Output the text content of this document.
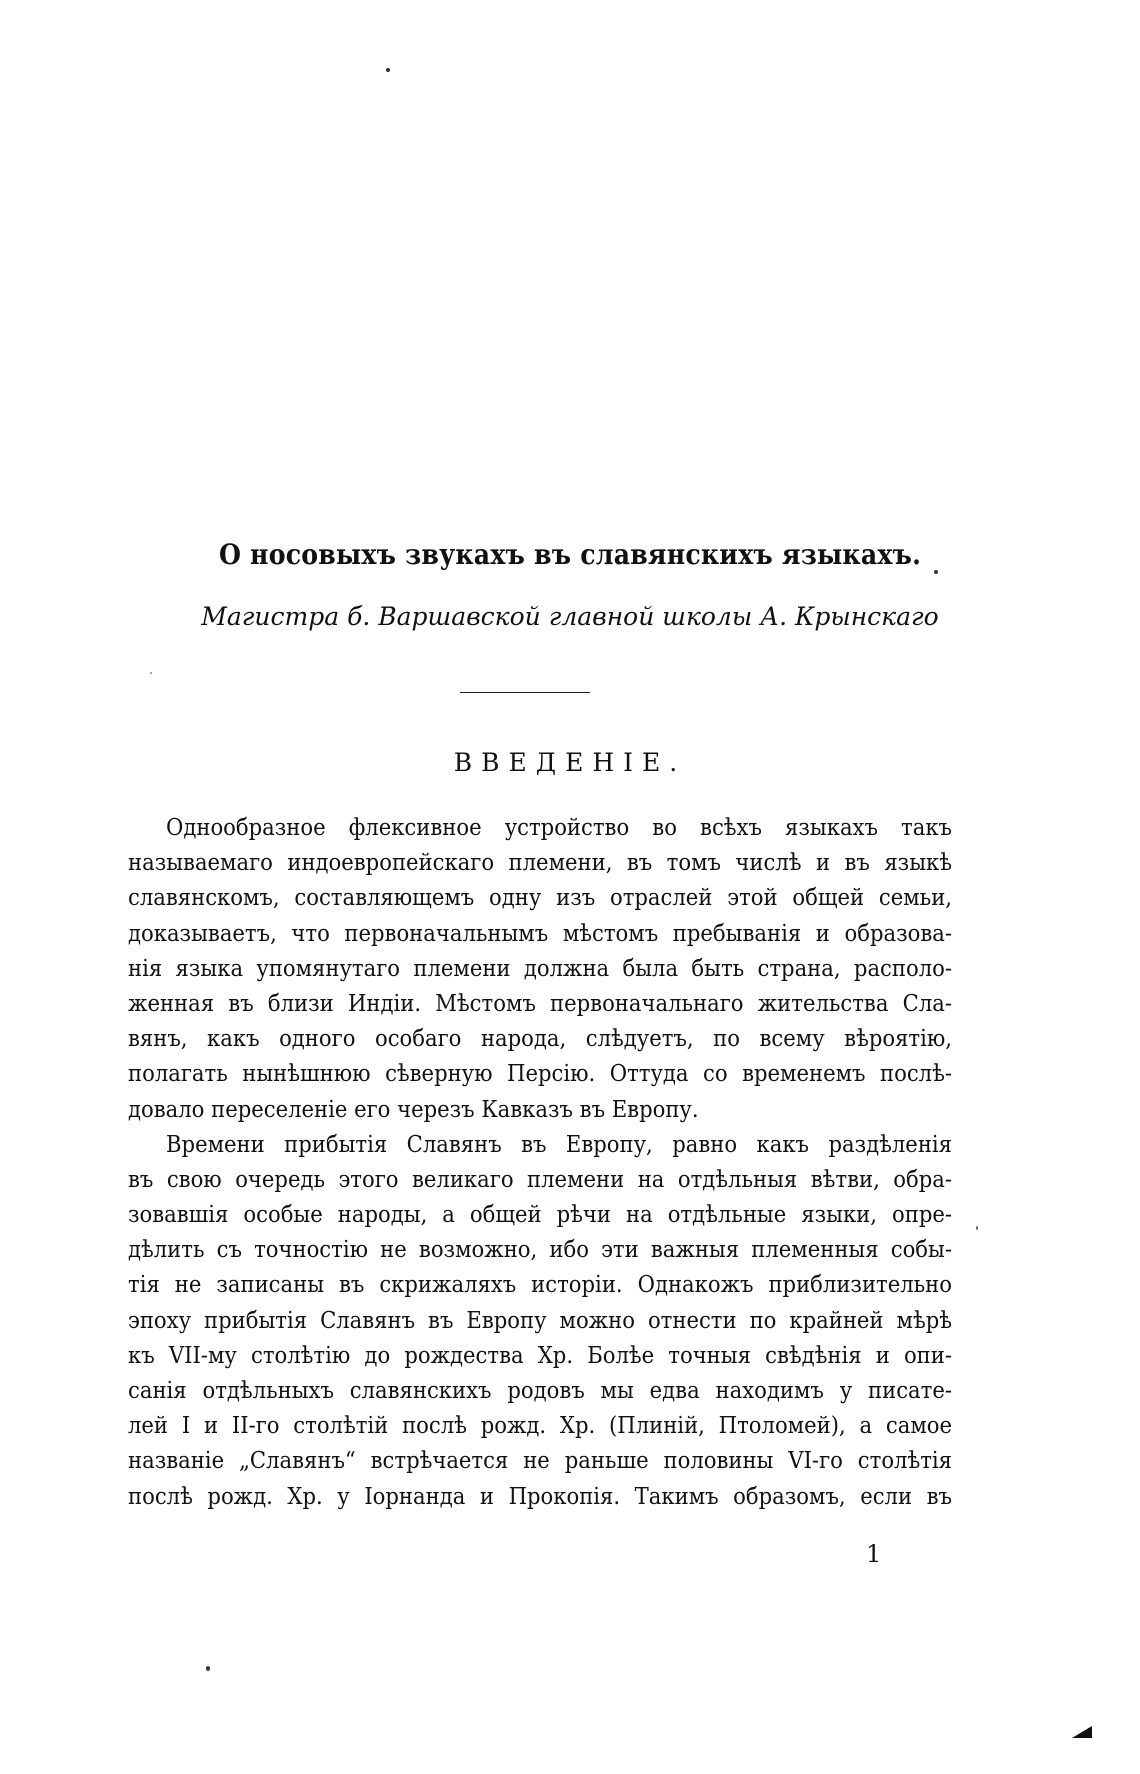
О носовыхъ звукахъ въ славянскихъ языкахъ.
Магистра б. Варшавской главной школы А. Крынскаго
ВВЕДЕНІЕ.
Однообразное флексивное устройство во всѣхъ языкахъ такъ
называемаго индоевропейскаго племени, въ томъ числѣ и въ языкѣ
славянскомъ, составляющемъ одну изъ отраслей этой общей семьи,
доказываетъ, что первоначальнымъ мѣстомъ пребыванія и образова-
нія языка упомянутаго племени должна была быть страна, располо-
женная въ близи Индіи. Мѣстомъ первоначальнаго жительства Сла-
вянъ, какъ одного особаго народа, слѣдуетъ, по всему вѣроятію,
полагать нынѣшнюю сѣверную Персію. Оттуда со временемъ послѣ-
довало переселеніе его черезъ Кавказъ въ Европу.
Времени прибытія Славянъ въ Европу, равно какъ раздѣленія
въ свою очередь этого великаго племени на отдѣльныя вѣтви, обра-
зовавшія особые народы, а общей рѣчи на отдѣльные языки, опре-
дѣлить съ точностію не возможно, ибо эти важныя племенныя собы-
тія не записаны въ скрижаляхъ исторіи. Однакожъ приблизительно
эпоху прибытія Славянъ въ Европу можно отнести по крайней мѣрѣ
къ VII-му столѣтію до рождества Хр. Болѣе точныя свѣдѣнія и опи-
санія отдѣльныхъ славянскихъ родовъ мы едва находимъ у писате-
лей I и II-го столѣтій послѣ рожд. Хр. (Плиній, Птоломей), а самое
названіе „Славянъ“ встрѣчается не раньше половины VI-го столѣтія
послѣ рожд. Хр. у Іорнанда и Прокопія. Такимъ образомъ, если въ
1
